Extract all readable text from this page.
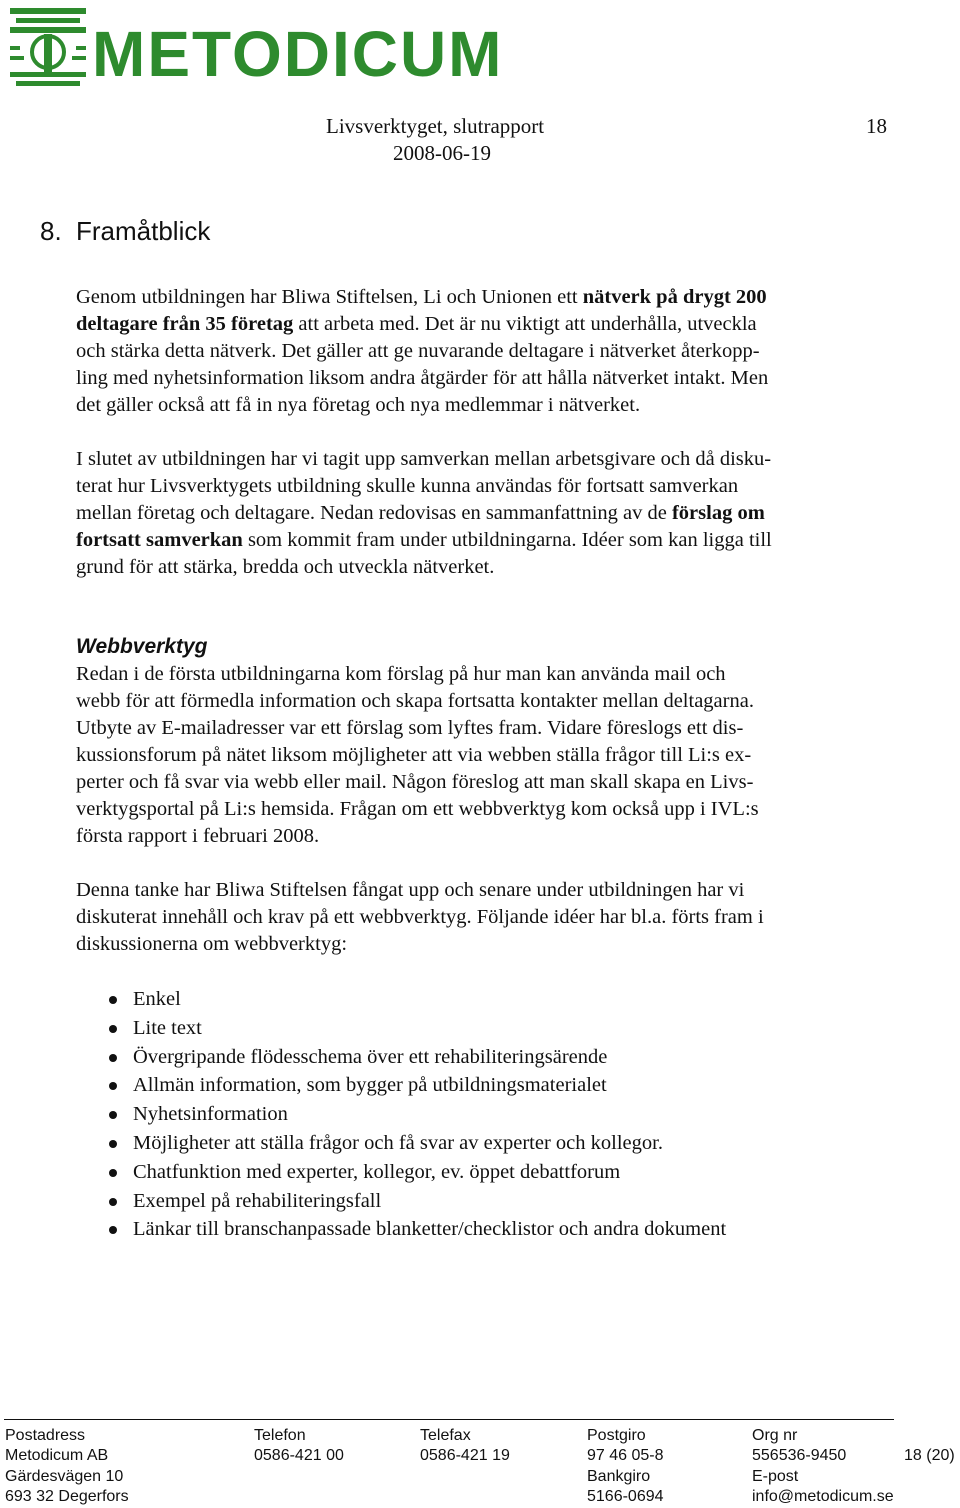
METODICUM
Livsverktyget, slutrapport	18
2008-06-19
8. Framåtblick

Genom utbildningen har Bliwa Stiftelsen, Li och Unionen ett nätverk på drygt 200
deltagare från 35 företag att arbeta med. Det är nu viktigt att underhålla, utveckla
och stärka detta nätverk. Det gäller att ge nuvarande deltagare i nätverket återkopp-
ling med nyhetsinformation liksom andra åtgärder för att hålla nätverket intakt. Men
det gäller också att få in nya företag och nya medlemmar i nätverket.

I slutet av utbildningen har vi tagit upp samverkan mellan arbetsgivare och då disku-
terat hur Livsverktygets utbildning skulle kunna användas för fortsatt samverkan
mellan företag och deltagare. Nedan redovisas en sammanfattning av de förslag om
fortsatt samverkan som kommit fram under utbildningarna. Idéer som kan ligga till
grund för att stärka, bredda och utveckla nätverket.

Webbverktyg

Redan i de första utbildningarna kom förslag på hur man kan använda mail och
webb för att förmedla information och skapa fortsatta kontakter mellan deltagarna.
Utbyte av E-mailadresser var ett förslag som lyftes fram. Vidare föreslogs ett dis-
kussionsforum på nätet liksom möjligheter att via webben ställa frågor till Li:s ex-
perter och få svar via webb eller mail. Någon föreslog att man skall skapa en Livs-
verktygsportal på Li:s hemsida. Frågan om ett webbverktyg kom också upp i IVL:s
första rapport i februari 2008.

Denna tanke har Bliwa Stiftelsen fångat upp och senare under utbildningen har vi
diskuterat innehåll och krav på ett webbverktyg. Följande idéer har bl.a. förts fram i
diskussionerna om webbverktyg:

Enkel
Lite text
Övergripande flödesschema över ett rehabiliteringsärende
Allmän information, som bygger på utbildningsmaterialet
Nyhetsinformation
Möjligheter att ställa frågor och få svar av experter och kollegor.
Chatfunktion med experter, kollegor, ev. öppet debattforum
Exempel på rehabiliteringsfall
Länkar till branschanpassade blanketter/checklistor och andra dokument
Postadress
Metodicum AB
Gärdesvägen 10
693 32 Degerfors
Telefon
0586-421 00
Telefax
0586-421 19
Postgiro
97 46 05-8
Bankgiro
5166-0694
Org nr
556536-9450
E-post
info@metodicum.se
18 (20)
